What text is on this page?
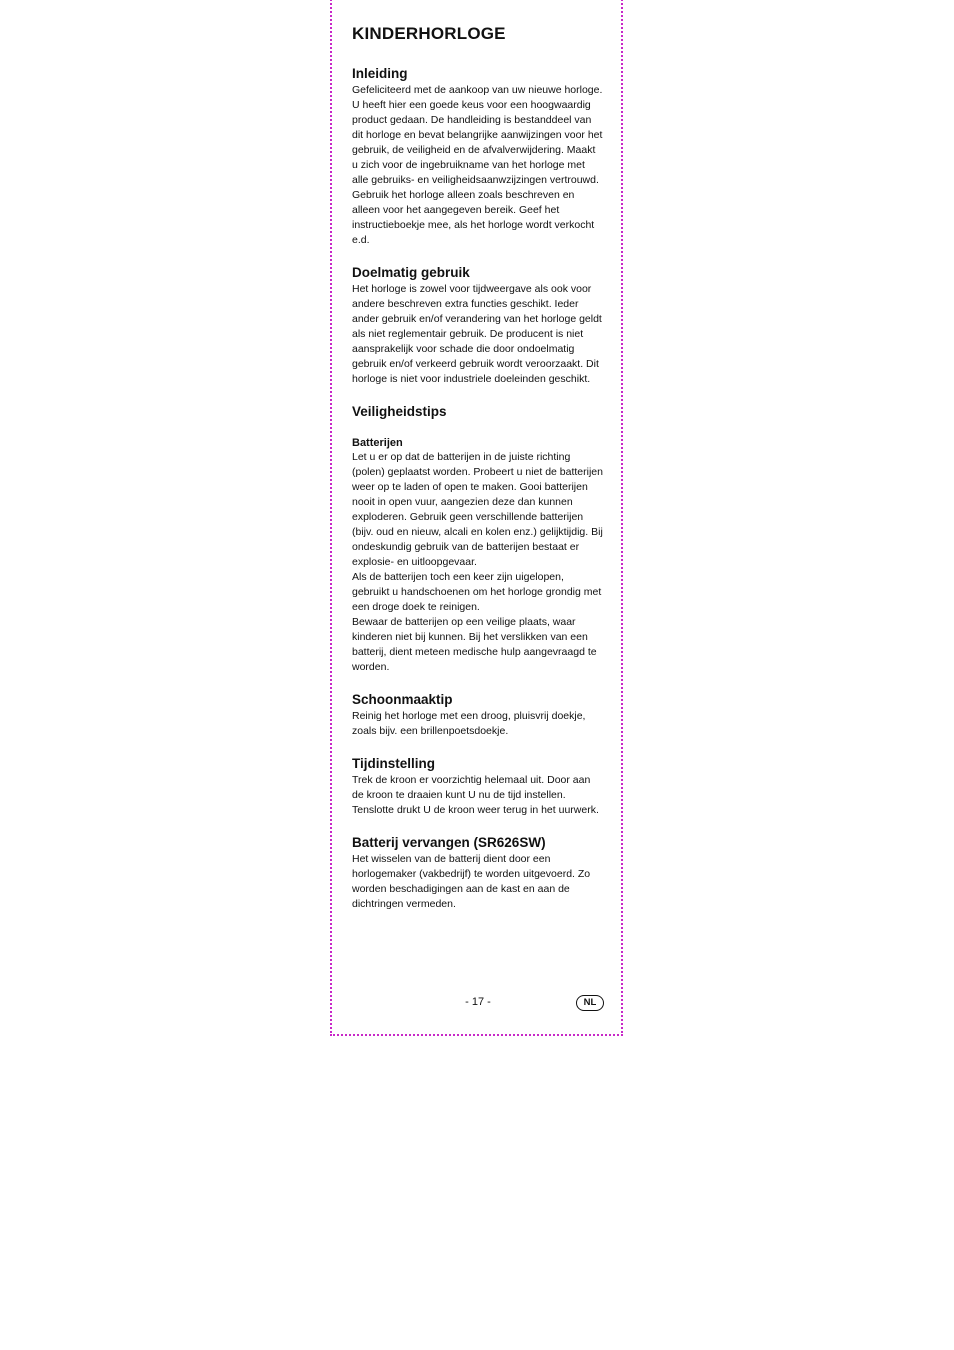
KINDERHORLOGE
Inleiding

Gefeliciteerd met de aankoop van uw nieuwe horloge. U heeft hier een goede keus voor een hoogwaardig product gedaan. De handleiding is bestanddeel van dit horloge en bevat belangrijke aanwijzingen voor het gebruik, de veiligheid en de afvalverwijdering. Maakt u zich voor de ingebruikname van het horloge met alle gebruiks- en veiligheidsaanwzijzingen vertrouwd. Gebruik het horloge alleen zoals beschreven en alleen voor het aangegeven bereik. Geef het instructieboekje mee, als het horloge wordt verkocht e.d.

Doelmatig gebruik

Het horloge is zowel voor tijdweergave als ook voor andere beschreven extra functies geschikt. Ieder ander gebruik en/of verandering van het horloge geldt als niet reglementair gebruik. De producent is niet aansprakelijk voor schade die door ondoelmatig gebruik en/of verkeerd gebruik wordt veroorzaakt. Dit horloge is niet voor industriele doeleinden geschikt.

Veiligheidstips
Batterijen

Let u er op dat de batterijen in de juiste richting (polen) geplaatst worden. Probeert u niet de batterijen weer op te laden of open te maken. Gooi batterijen nooit in open vuur, aangezien deze dan kunnen exploderen. Gebruik geen verschillende batterijen (bijv. oud en nieuw, alcali en kolen enz.) gelijktijdig. Bij ondeskundig gebruik van de batterijen bestaat er explosie- en uitloopgevaar.

Als de batterijen toch een keer zijn uigelopen, gebruikt u handschoenen om het horloge grondig met een droge doek te reinigen.

Bewaar de batterijen op een veilige plaats, waar kinderen niet bij kunnen. Bij het verslikken van een batterij, dient meteen medische hulp aangevraagd te worden.

Schoonmaaktip

Reinig het horloge met een droog, pluisvrij doekje, zoals bijv. een brillenpoetsdoekje.

Tijdinstelling

Trek de kroon er voorzichtig helemaal uit. Door aan de kroon te draaien kunt U nu de tijd instellen. Tenslotte drukt U de kroon weer terug in het uurwerk.

Batterij vervangen (SR626SW)

Het wisselen van de batterij dient door een horlogemaker (vakbedrijf) te worden uitgevoerd. Zo worden beschadigingen aan de kast en aan de dichtringen vermeden.

- 17 -	NL
